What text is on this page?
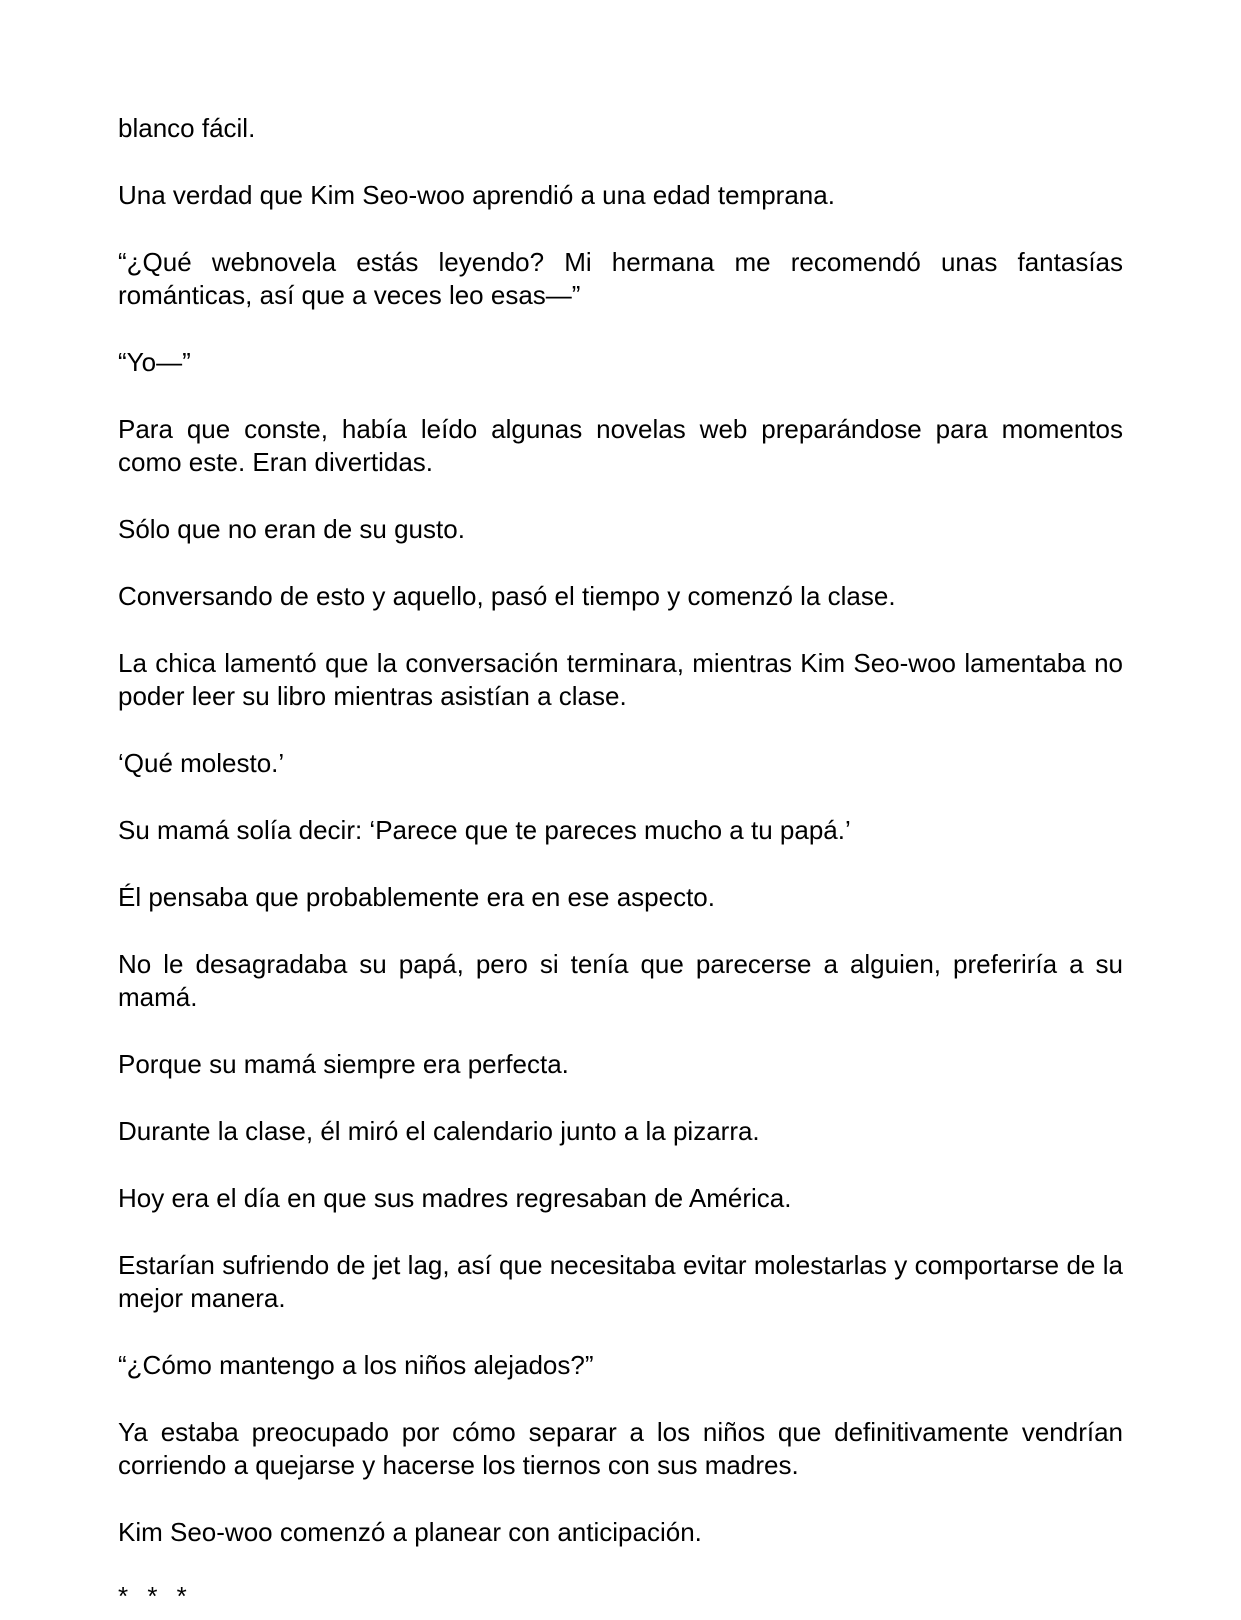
blanco fácil.

Una verdad que Kim Seo-woo aprendió a una edad temprana.

“¿Qué webnovela estás leyendo? Mi hermana me recomendó unas fantasías románticas, así que a veces leo esas—”

“Yo—”

Para que conste, había leído algunas novelas web preparándose para momentos como este. Eran divertidas.

Sólo que no eran de su gusto.

Conversando de esto y aquello, pasó el tiempo y comenzó la clase.

La chica lamentó que la conversación terminara, mientras Kim Seo-woo lamentaba no poder leer su libro mientras asistían a clase.

‘Qué molesto.’

Su mamá solía decir: ‘Parece que te pareces mucho a tu papá.’

Él pensaba que probablemente era en ese aspecto.

No le desagradaba su papá, pero si tenía que parecerse a alguien, preferiría a su mamá.

Porque su mamá siempre era perfecta.

Durante la clase, él miró el calendario junto a la pizarra.

Hoy era el día en que sus madres regresaban de América.

Estarían sufriendo de jet lag, así que necesitaba evitar molestarlas y comportarse de la mejor manera.

“¿Cómo mantengo a los niños alejados?”

Ya estaba preocupado por cómo separar a los niños que definitivamente vendrían corriendo a quejarse y hacerse los tiernos con sus madres.

Kim Seo-woo comenzó a planear con anticipación.

* * *
